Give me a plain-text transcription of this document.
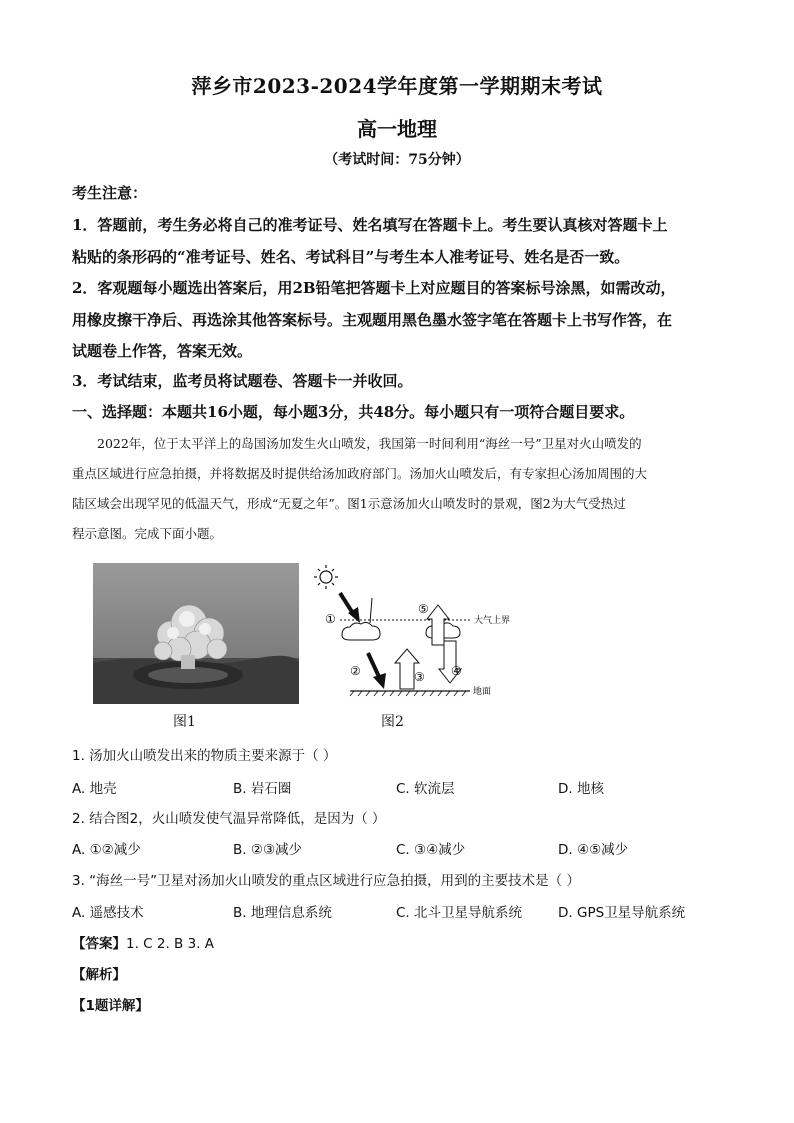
萍乡市2023-2024学年度第一学期期末考试
高一地理
（考试时间：75分钟）
考生注意：
1．答题前，考生务必将自己的准考证号、姓名填写在答题卡上。考生要认真核对答题卡上
粘贴的条形码的“准考证号、姓名、考试科目”与考生本人准考证号、姓名是否一致。
2．客观题每小题选出答案后，用2B铅笔把答题卡上对应题目的答案标号涂黑，如需改动，
用橡皮擦干净后、再选涂其他答案标号。主观题用黑色墨水签字笔在答题卡上书写作答，在
试题卷上作答，答案无效。
3．考试结束，监考员将试题卷、答题卡一并收回。
一、选择题：本题共16小题，每小题3分，共48分。每小题只有一项符合题目要求。
2022年，位于太平洋上的岛国汤加发生火山喷发，我国第一时间利用“海丝一号”卫星对火山喷发的
重点区域进行应急拍摄，并将数据及时提供给汤加政府部门。汤加火山喷发后，有专家担心汤加周围的大
陆区域会出现罕见的低温天气，形成“无夏之年”。图1示意汤加火山喷发时的景观，图2为大气受热过
程示意图。完成下面小题。
大气上界
地面
①
②	③ ④
⑤
图1	图2
1. 汤加火山喷发出来的物质主要来源于（ ）
A. 地壳	B. 岩石圈	C. 软流层	D. 地核
2. 结合图2，火山喷发使气温异常降低，是因为（ ）
A. ①②减少	B. ②③减少	C. ③④减少	D. ④⑤减少
3. “海丝一号”卫星对汤加火山喷发的重点区域进行应急拍摄，用到的主要技术是（ ）
A. 遥感技术	B. 地理信息系统	C. 北斗卫星导航系统	D. GPS卫星导航系统
【答案】1. C 2. B 3. A
【解析】
【1题详解】
